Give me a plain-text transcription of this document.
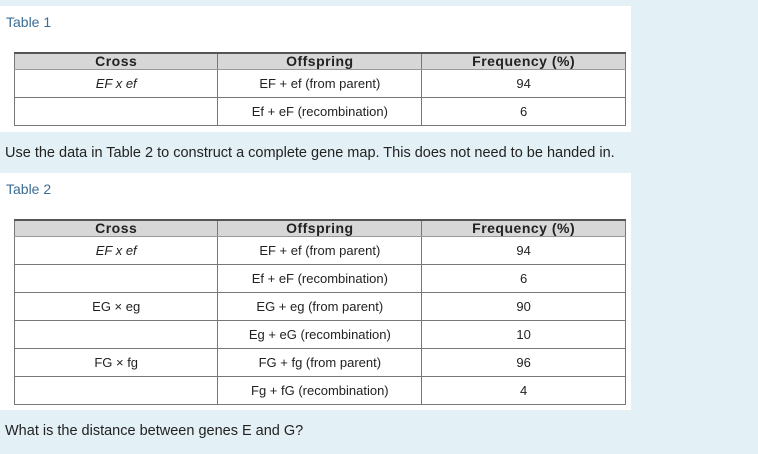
Table 1
Cross	Offspring	Frequency (%)
EF x ef	EF + ef (from parent)	94
	Ef + eF (recombination)	6
Use the data in Table 2 to construct a complete gene map. This does not need to be handed in.
Table 2
Cross	Offspring	Frequency (%)
EF x ef	EF + ef (from parent)	94
	Ef + eF (recombination)	6
EG × eg	EG + eg (from parent)	90
	Eg + eG (recombination)	10
FG × fg	FG + fg (from parent)	96
	Fg + fG (recombination)	4
What is the distance between genes E and G?
